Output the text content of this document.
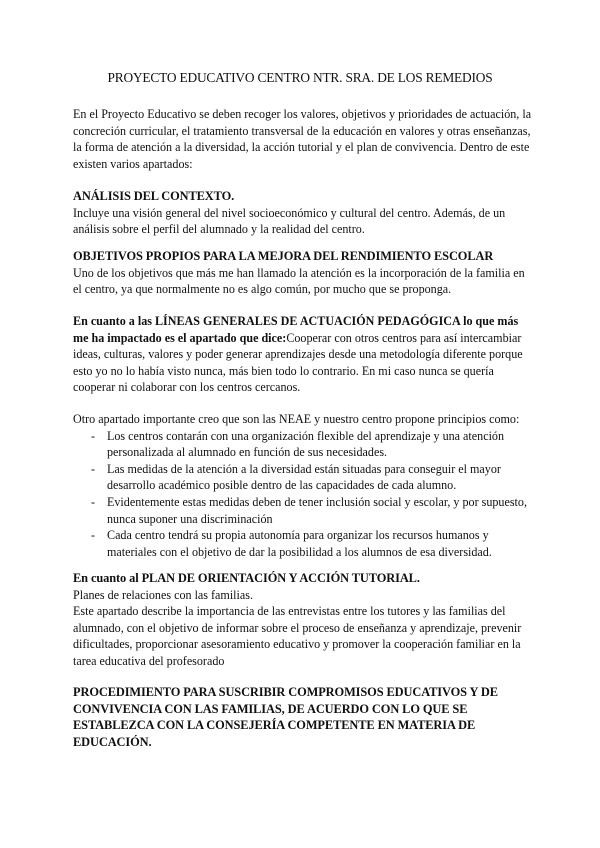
PROYECTO EDUCATIVO CENTRO NTR. SRA. DE LOS REMEDIOS

En el Proyecto Educativo se deben recoger los valores, objetivos y prioridades de actuación, la concreción curricular, el tratamiento transversal de la educación en valores y otras enseñanzas, la forma de atención a la diversidad, la acción tutorial y el plan de convivencia. Dentro de este existen varios apartados:

ANÁLISIS DEL CONTEXTO.

Incluye una visión general del nivel socioeconómico y cultural del centro. Además, de un análisis sobre el perfil del alumnado y la realidad del centro.

OBJETIVOS PROPIOS PARA LA MEJORA DEL RENDIMIENTO ESCOLAR

Uno de los objetivos que más me han llamado la atención es la incorporación de la familia en el centro, ya que normalmente no es algo común, por mucho que se proponga.

En cuanto a las LÍNEAS GENERALES DE ACTUACIÓN PEDAGÓGICA lo que más me ha impactado es el apartado que dice:Cooperar con otros centros para así intercambiar ideas, culturas, valores y poder generar aprendizajes desde una metodología diferente porque esto yo no lo había visto nunca, más bien todo lo contrario. En mi caso nunca se quería cooperar ni colaborar con los centros cercanos.

Otro apartado importante creo que son las NEAE y nuestro centro propone principios como:

- Los centros contarán con una organización flexible del aprendizaje y una atención personalizada al alumnado en función de sus necesidades.
- Las medidas de la atención a la diversidad están situadas para conseguir el mayor desarrollo académico posible dentro de las capacidades de cada alumno.
- Evidentemente estas medidas deben de tener inclusión social y escolar, y por supuesto, nunca suponer una discriminación
- Cada centro tendrá su propia autonomía para organizar los recursos humanos y materiales con el objetivo de dar la posibilidad a los alumnos de esa diversidad.

En cuanto al PLAN DE ORIENTACIÓN Y ACCIÓN TUTORIAL.

Planes de relaciones con las familias.

Este apartado describe la importancia de las entrevistas entre los tutores y las familias del alumnado, con el objetivo de informar sobre el proceso de enseñanza y aprendizaje, prevenir dificultades, proporcionar asesoramiento educativo y promover la cooperación familiar en la tarea educativa del profesorado

PROCEDIMIENTO PARA SUSCRIBIR COMPROMISOS EDUCATIVOS Y DE CONVIVENCIA CON LAS FAMILIAS, DE ACUERDO CON LO QUE SE ESTABLEZCA CON LA CONSEJERÍA COMPETENTE EN MATERIA DE EDUCACIÓN.
